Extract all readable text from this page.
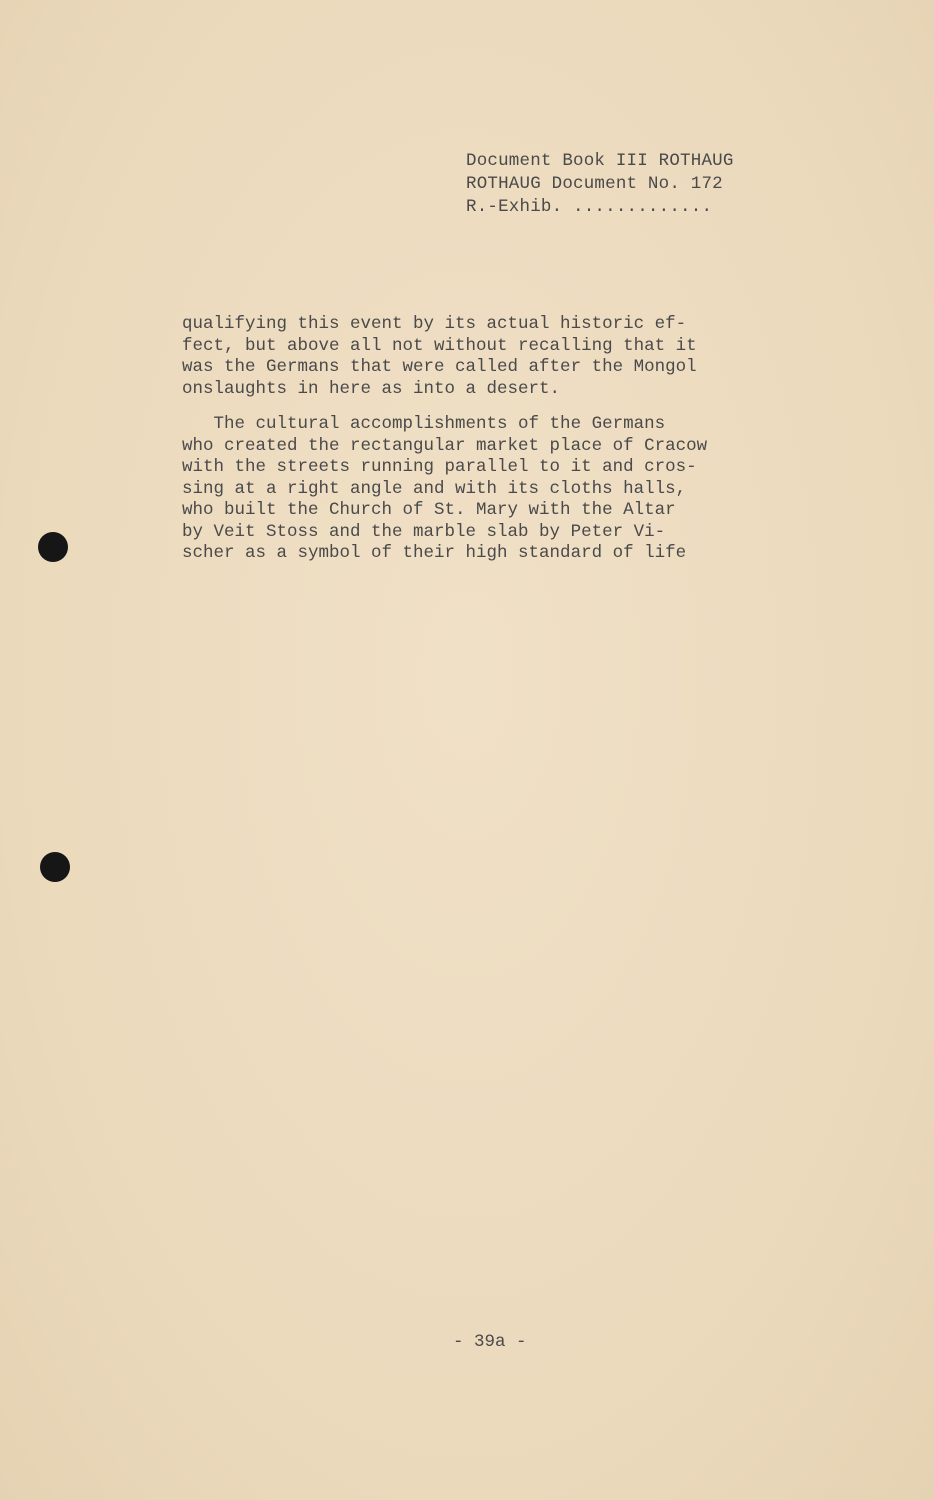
Document Book III ROTHAUG
ROTHAUG Document No. 172
R.-Exhib. .............
qualifying this event by its actual historic ef-
fect, but above all not without recalling that it
was the Germans that were called after the Mongol
onslaughts in here as into a desert.
The cultural accomplishments of the Germans
who created the rectangular market place of Cracow
with the streets running parallel to it and cros-
sing at a right angle and with its cloths halls,
who built the Church of St. Mary with the Altar
by Veit Stoss and the marble slab by Peter Vi-
scher as a symbol of their high standard of life
- 39a -
